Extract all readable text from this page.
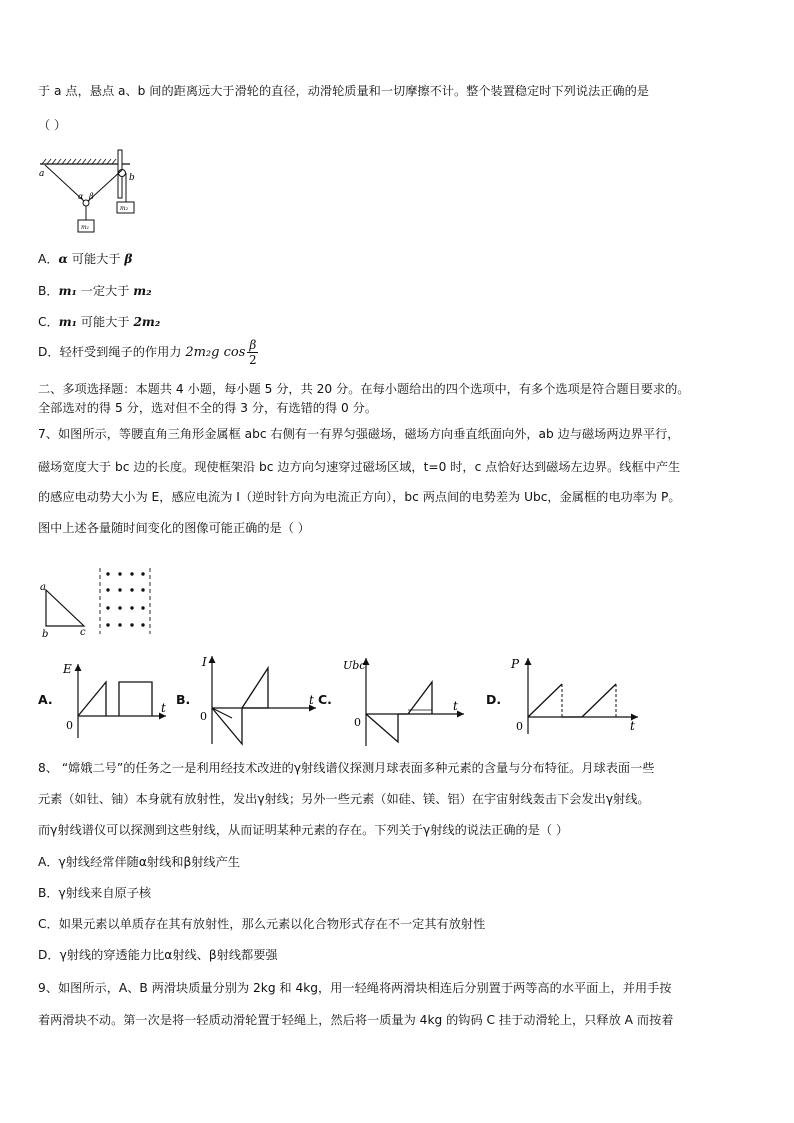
于 a 点，悬点 a、b 间的距离远大于滑轮的直径，动滑轮质量和一切摩擦不计。整个装置稳定时下列说法正确的是
（ ）
a	b
α β
m₁
m₂
A．α 可能大于 β
B．m₁ 一定大于 m₂
C．m₁ 可能大于 2m₂
D．轻杆受到绳子的作用力 2m₂g $\cos \frac{\beta}{2}$
二、多项选择题：本题共 4 小题，每小题 5 分，共 20 分。在每小题给出的四个选项中，有多个选项是符合题目要求的。
全部选对的得 5 分，选对但不全的得 3 分，有选错的得 0 分。
7、如图所示，等腰直角三角形金属框 abc 右侧有一有界匀强磁场，磁场方向垂直纸面向外，ab 边与磁场两边界平行，
磁场宽度大于 bc 边的长度。现使框架沿 bc 边方向匀速穿过磁场区域，t=0 时，c 点恰好达到磁场左边界。线框中产生
的感应电动势大小为 E，感应电流为 I（逆时针方向为电流正方向），bc 两点间的电势差为 Ubc，金属框的电功率为 P。
图中上述各量随时间变化的图像可能正确的是（ ）
a
b	c
A.
E
t
0
B.
I
t
0
C.
Ubc
t
0
D.
P
t
0
8、 “嫦娥二号”的任务之一是利用经技术改进的γ射线谱仪探测月球表面多种元素的含量与分布特征。月球表面一些
元素（如钍、铀）本身就有放射性，发出γ射线；另外一些元素（如硅、镁、铝）在宇宙射线轰击下会发出γ射线。
而γ射线谱仪可以探测到这些射线，从而证明某种元素的存在。下列关于γ射线的说法正确的是（ ）
A．γ射线经常伴随α射线和β射线产生
B．γ射线来自原子核
C．如果元素以单质存在其有放射性，那么元素以化合物形式存在不一定其有放射性
D．γ射线的穿透能力比α射线、β射线都要强
9、如图所示，A、B 两滑块质量分别为 2kg 和 4kg，用一轻绳将两滑块相连后分别置于两等高的水平面上，并用手按
着两滑块不动。第一次是将一轻质动滑轮置于轻绳上，然后将一质量为 4kg 的钩码 C 挂于动滑轮上，只释放 A 而按着
